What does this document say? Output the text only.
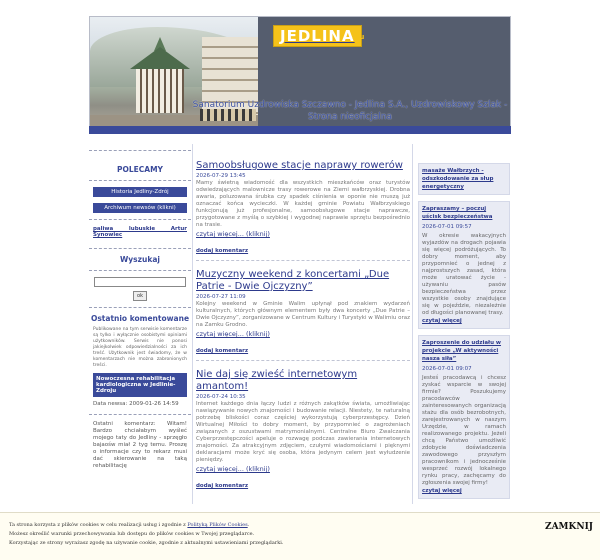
JEDLINA
.eu
Sanatorium Uzdrowiska Szczawno - Jedlina S.A., Uzdrowiskowy Szlak - Strona nieoficjalna
POLECAMY
Historia Jedliny-Zdrój
Archiwum newsów (klikni)
paliwa lubuskie Artur Synowiec
Wyszukaj
ok
Ostatnio komentowane
Publikowane na tym serwisie komentarze są tylko i wyłącznie osobistymi opiniami użytkowników. Serwis nie ponosi jakiejkolwiek odpowiedzialności za ich treść. Użytkownik jest świadomy, że w komentarzach nie można zabronionych treści.
Nowoczesna rehabilitacja kardiologiczna w Jedlinie-Zdroju
Data newsa: 2009-01-26 14:59
Ostatni komentarz: Witam! Bardzo chciałabym wyśleć mojego taty do Jedliny - sprzęgło bajaośw miał 2 tyg temu. Proszę o informacje czy to rekarz musi dać skierowanie na taką rehabilitację
Samoobsługowe stacje naprawy rowerów
2026-07-29 13:45
Mamy świetną wiadomość dla wszystkich mieszkańców oraz turystów odwiedzających malownicze trasy rowerowe na Ziemi wałbrzyskiej. Drobna awaria, poluzowana śrubka czy spadek ciśnienia w oponie nie muszą już oznaczać końca wycieczki. W każdej gminie Powiatu Wałbrzyskiego funkcjonują już profesjonalne, samoobsługowe stacje naprawcze, przygotowane z myślą o szybkiej i wygodnej naprawie sprzętu bezpośrednio na trasie.
czytaj więcej... (kliknij)
dodaj komentarz
Muzyczny weekend z koncertami „Due Patrie - Dwie Ojczyzny”
2026-07-27 11:09
Kolejny weekend w Gminie Walim upłynął pod znakiem wydarzeń kulturalnych, których głównym elementem były dwa koncerty „Due Patrie – Dwie Ojczyzny”, zorganizowane w Centrum Kultury i Turystyki w Walimiu oraz na Zamku Grodno.
czytaj więcej... (kliknij)
dodaj komentarz
Nie daj się zwieść internetowym amantom!
2026-07-24 10:35
Internet każdego dnia łączy ludzi z różnych zakątków świata, umożliwiając nawiązywanie nowych znajomości i budowanie relacji. Niestety, te naturalną potrzebę bliskości coraz częściej wykorzystują cyberprzestępcy. Dzień Wirtualnej Miłości to dobry moment, by przypomnieć o zagrożeniach związanych z oszustwami matrymonialnymi. Centralne Biuro Zwalczania Cyberprzestępczości apeluje o rozwagę podczas zawierania internetowych znajomości. Za atrakcyjnym zdjęciem, czułymi wiadomościami i pięknymi deklaracjami może kryć się osoba, która jedynym celem jest wyłudzenie pieniędzy.
czytaj więcej... (kliknij)
dodaj komentarz
masaże Wałbrzych - odszkodowanie za słup energetyczny
Zapraszamy – poczuj uścisk bezpieczeństwa
2026-07-01 09:57
W okresie wakacyjnych wyjazdów na drogach pojawia się więcej podróżujących. To dobry moment, aby przypomnieć o jednej z najprostszych zasad, która może uratować życie - używaniu pasów bezpieczeństwa przez wszystkie osoby znajdujące się w pojeździe, niezależnie od długości planowanej trasy.
czytaj więcej
Zaproszenie do udziału w projekcie „W aktywności nasza siła”
2026-07-01 09:07
Jesteś pracodawcą i chcesz zyskać wsparcie w swojej firmie? Poszukujemy pracodawców zainteresowanych organizacją stażu dla osób bezrobotnych, zarejestrowanych w naszym Urzędzie, w ramach realizowanego projektu. Jeżeli chcą Państwo umożliwić zdobycie doświadczenia zawodowego przyszłym pracownikom i jednocześnie wesprzeć rozwój lokalnego rynku pracy, zachęcamy do zgłoszenia swojej firmy!
czytaj więcej
Ta strona korzysta z plików cookies w celu realizacji usług i zgodnie z Polityką Plików Cookies.
Możesz określić warunki przechowywania lub dostępu do plików cookies w Twojej przeglądarce.
Korzystając ze strony wyrażasz zgodę na używanie cookie, zgodnie z aktualnymi ustawieniami przeglądarki.
ZAMKNIJ
